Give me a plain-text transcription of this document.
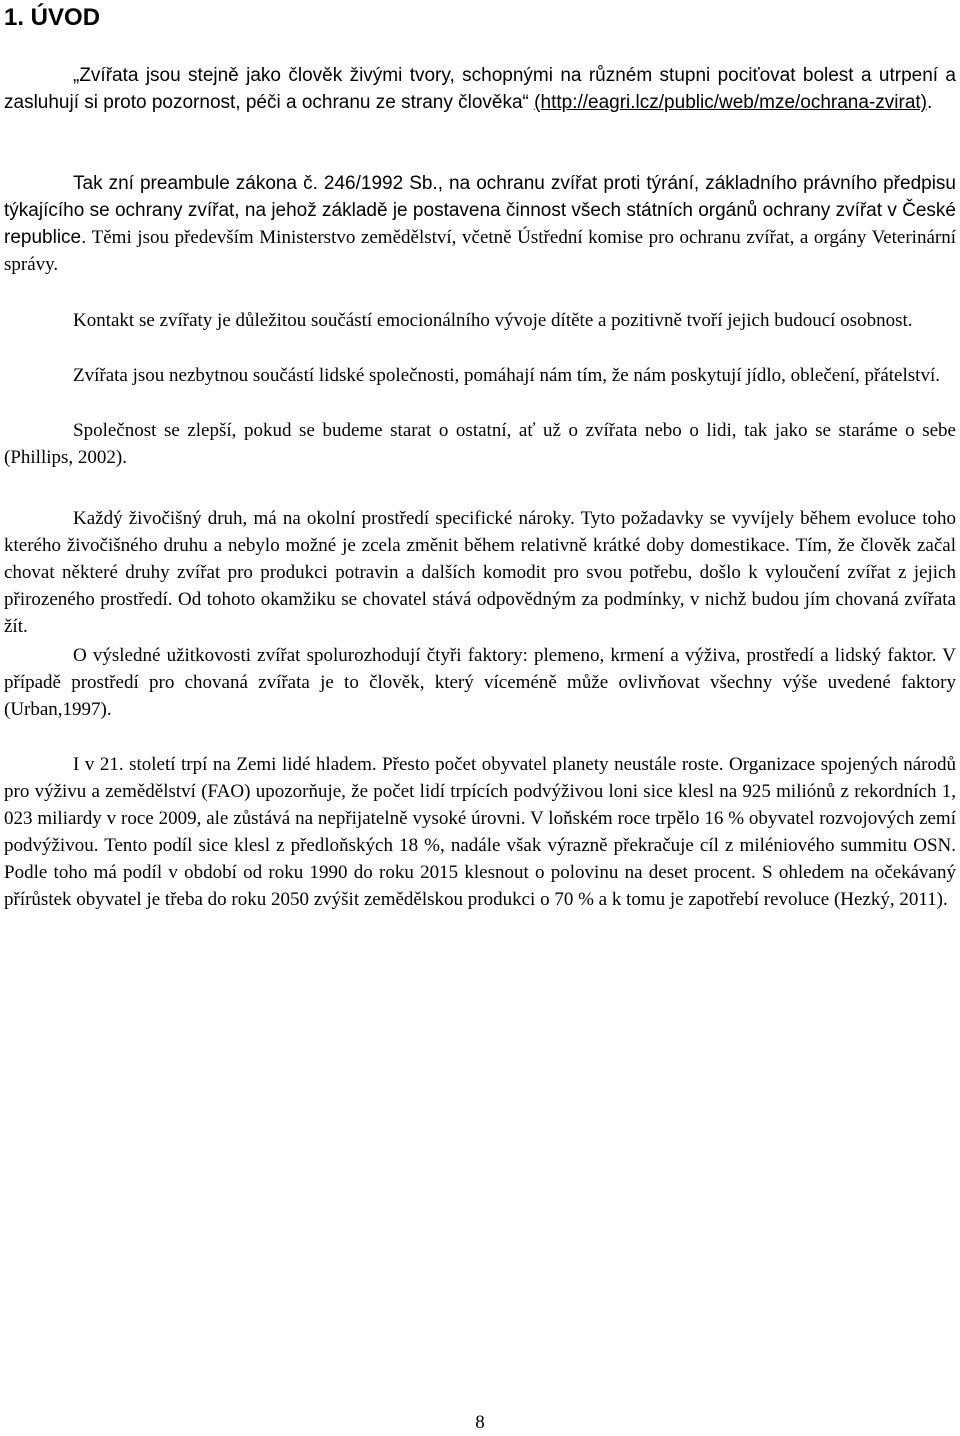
1. ÚVOD

„Zvířata jsou stejně jako člověk živými tvory, schopnými na různém stupni pociťovat bolest a utrpení a zasluhují si proto pozornost, péči a ochranu ze strany člověka“ (http://eagri.lcz/public/web/mze/ochrana-zvirat).

Tak zní preambule zákona č. 246/1992 Sb., na ochranu zvířat proti týrání, základního právního předpisu týkajícího se ochrany zvířat, na jehož základě je postavena činnost všech státních orgánů ochrany zvířat v České republice. Těmi jsou především Ministerstvo zemědělství, včetně Ústřední komise pro ochranu zvířat, a orgány Veterinární správy.

Kontakt se zvířaty je důležitou součástí emocionálního vývoje dítěte a pozitivně tvoří jejich budoucí osobnost.

Zvířata jsou nezbytnou součástí lidské společnosti, pomáhají nám tím, že nám poskytují jídlo, oblečení, přátelství.

Společnost se zlepší, pokud se budeme starat o ostatní, ať už o zvířata nebo o lidi, tak jako se staráme o sebe (Phillips, 2002).

Každý živočišný druh, má na okolní prostředí specifické nároky. Tyto požadavky se vyvíjely během evoluce toho kterého živočišného druhu a nebylo možné je zcela změnit během relativně krátké doby domestikace. Tím, že člověk začal chovat některé druhy zvířat pro produkci potravin a dalších komodit pro svou potřebu, došlo k vyloučení zvířat z jejich přirozeného prostředí. Od tohoto okamžiku se chovatel stává odpovědným za podmínky, v nichž budou jím chovaná zvířata žít.

O výsledné užitkovosti zvířat spolurozhodují čtyři faktory: plemeno, krmení a výživa, prostředí a lidský faktor. V případě prostředí pro chovaná zvířata je to člověk, který víceméně může ovlivňovat všechny výše uvedené faktory (Urban,1997).

I v 21. století trpí na Zemi lidé hladem. Přesto počet obyvatel planety neustále roste. Organizace spojených národů pro výživu a zemědělství (FAO) upozorňuje, že počet lidí trpících podvýživou loni sice klesl na 925 miliónů z rekordních 1, 023 miliardy v roce 2009, ale zůstává na nepřijatelně vysoké úrovni. V loňském roce trpělo 16 % obyvatel rozvojových zemí podvýživou. Tento podíl sice klesl z předloňských 18 %, nadále však výrazně překračuje cíl z miléniového summitu OSN. Podle toho má podíl v období od roku 1990 do roku 2015 klesnout o polovinu na deset procent. S ohledem na očekávaný přírůstek obyvatel je třeba do roku 2050 zvýšit zemědělskou produkci o 70 % a k tomu je zapotřebí revoluce (Hezký, 2011).

8
